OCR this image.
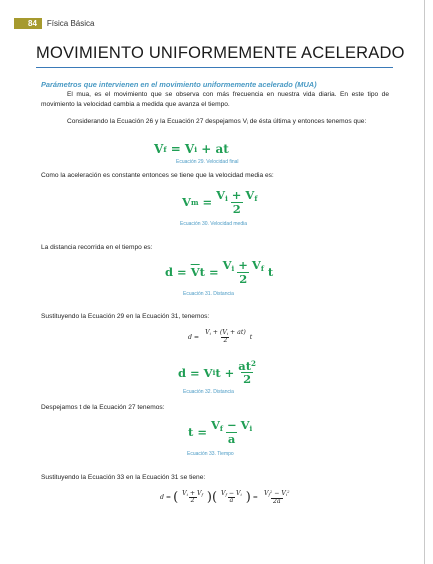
84	Física Básica
MOVIMIENTO UNIFORMEMENTE ACELERADO
Parámetros que intervienen en el movimiento uniformemente acelerado (MUA)
El mua, es el movimiento que se observa con más frecuencia en nuestra vida diaria. En este tipo de movimiento la velocidad cambia a medida que avanza el tiempo.
Considerando la Ecuación 26 y la Ecuación 27 despejamos $V_i$ de ésta última y entonces tenemos que:
V f = V i + at
Ecuación 29. Velocidad final
Como la aceleración es constante entonces se tiene que la velocidad media es:
V $m = \frac{V_i + V_f}{2}$
Ecuación 30. Velocidad media
La distancia recorrida en el tiempo es:
$d = \overline{V}$ $t = \frac{V_i + V_f}{2}$ t
Ecuación 31. Distancia
Sustituyendo la Ecuación 29 en la Ecuación 31, tenemos:
$d = \frac{V_i + (V_i + at)}{2}$ t
d = V i $t + \frac{at^2}{2}$
Ecuación 32. Distancia
Despejamos t de la Ecuación 27 tenemos:
$t = \frac{V_f - V_i}{a}$
Ecuación 33. Tiempo
Sustituyendo la Ecuación 33 en la Ecuación 31 se tiene:
d = ( $\frac{V_i + V_f}{2}$ ) ( $\frac{V_f - V_i}{a}$ ) = $\frac{V_f^2 - V_i^2}{2a}$
